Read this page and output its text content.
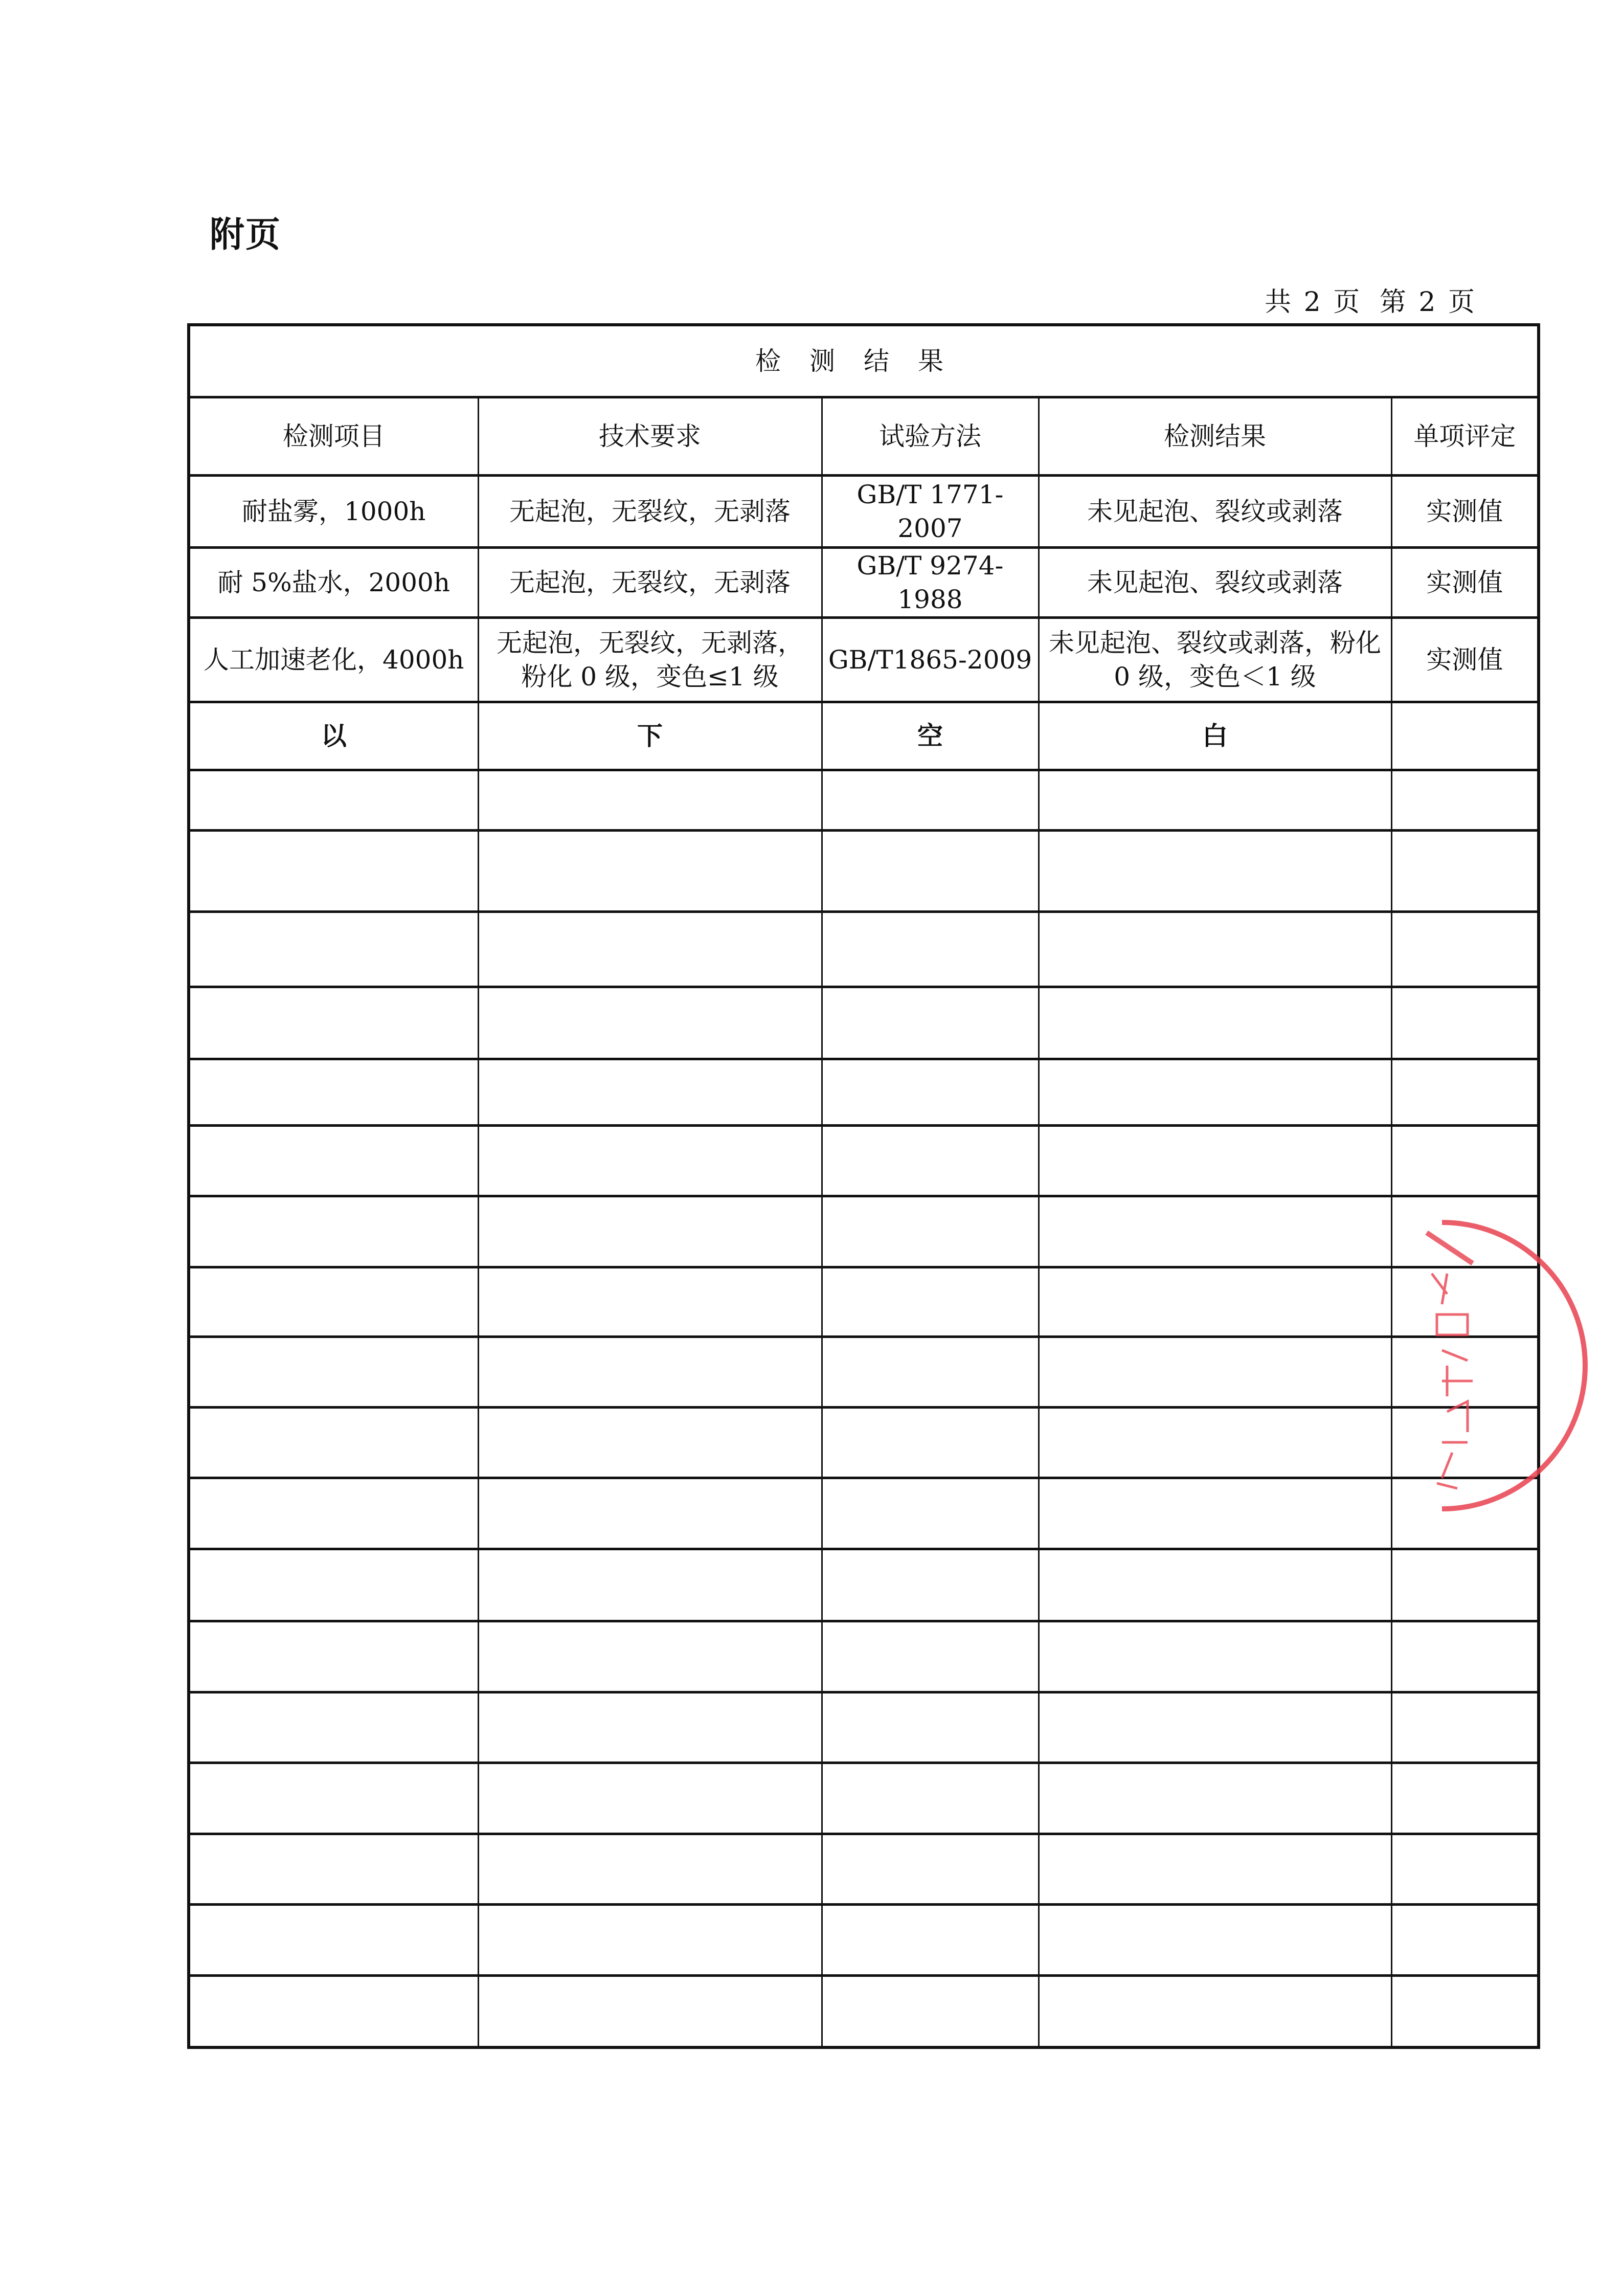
附页
共 2 页 第 2 页
检测结果				
检测项目	技术要求	试验方法	检测结果	单项评定
耐盐雾，1000h	无起泡，无裂纹，无剥落	GB/T 1771-2007	未见起泡、裂纹或剥落	实测值
耐 5%盐水，2000h	无起泡，无裂纹，无剥落	GB/T 9274-1988	未见起泡、裂纹或剥落	实测值
人工加速老化，4000h	无起泡，无裂纹，无剥落，粉化 0 级，变色≤1 级	GB/T1865-2009	未见起泡、裂纹或剥落，粉化 0 级，变色＜1 级	实测值
以	下	空	白	
